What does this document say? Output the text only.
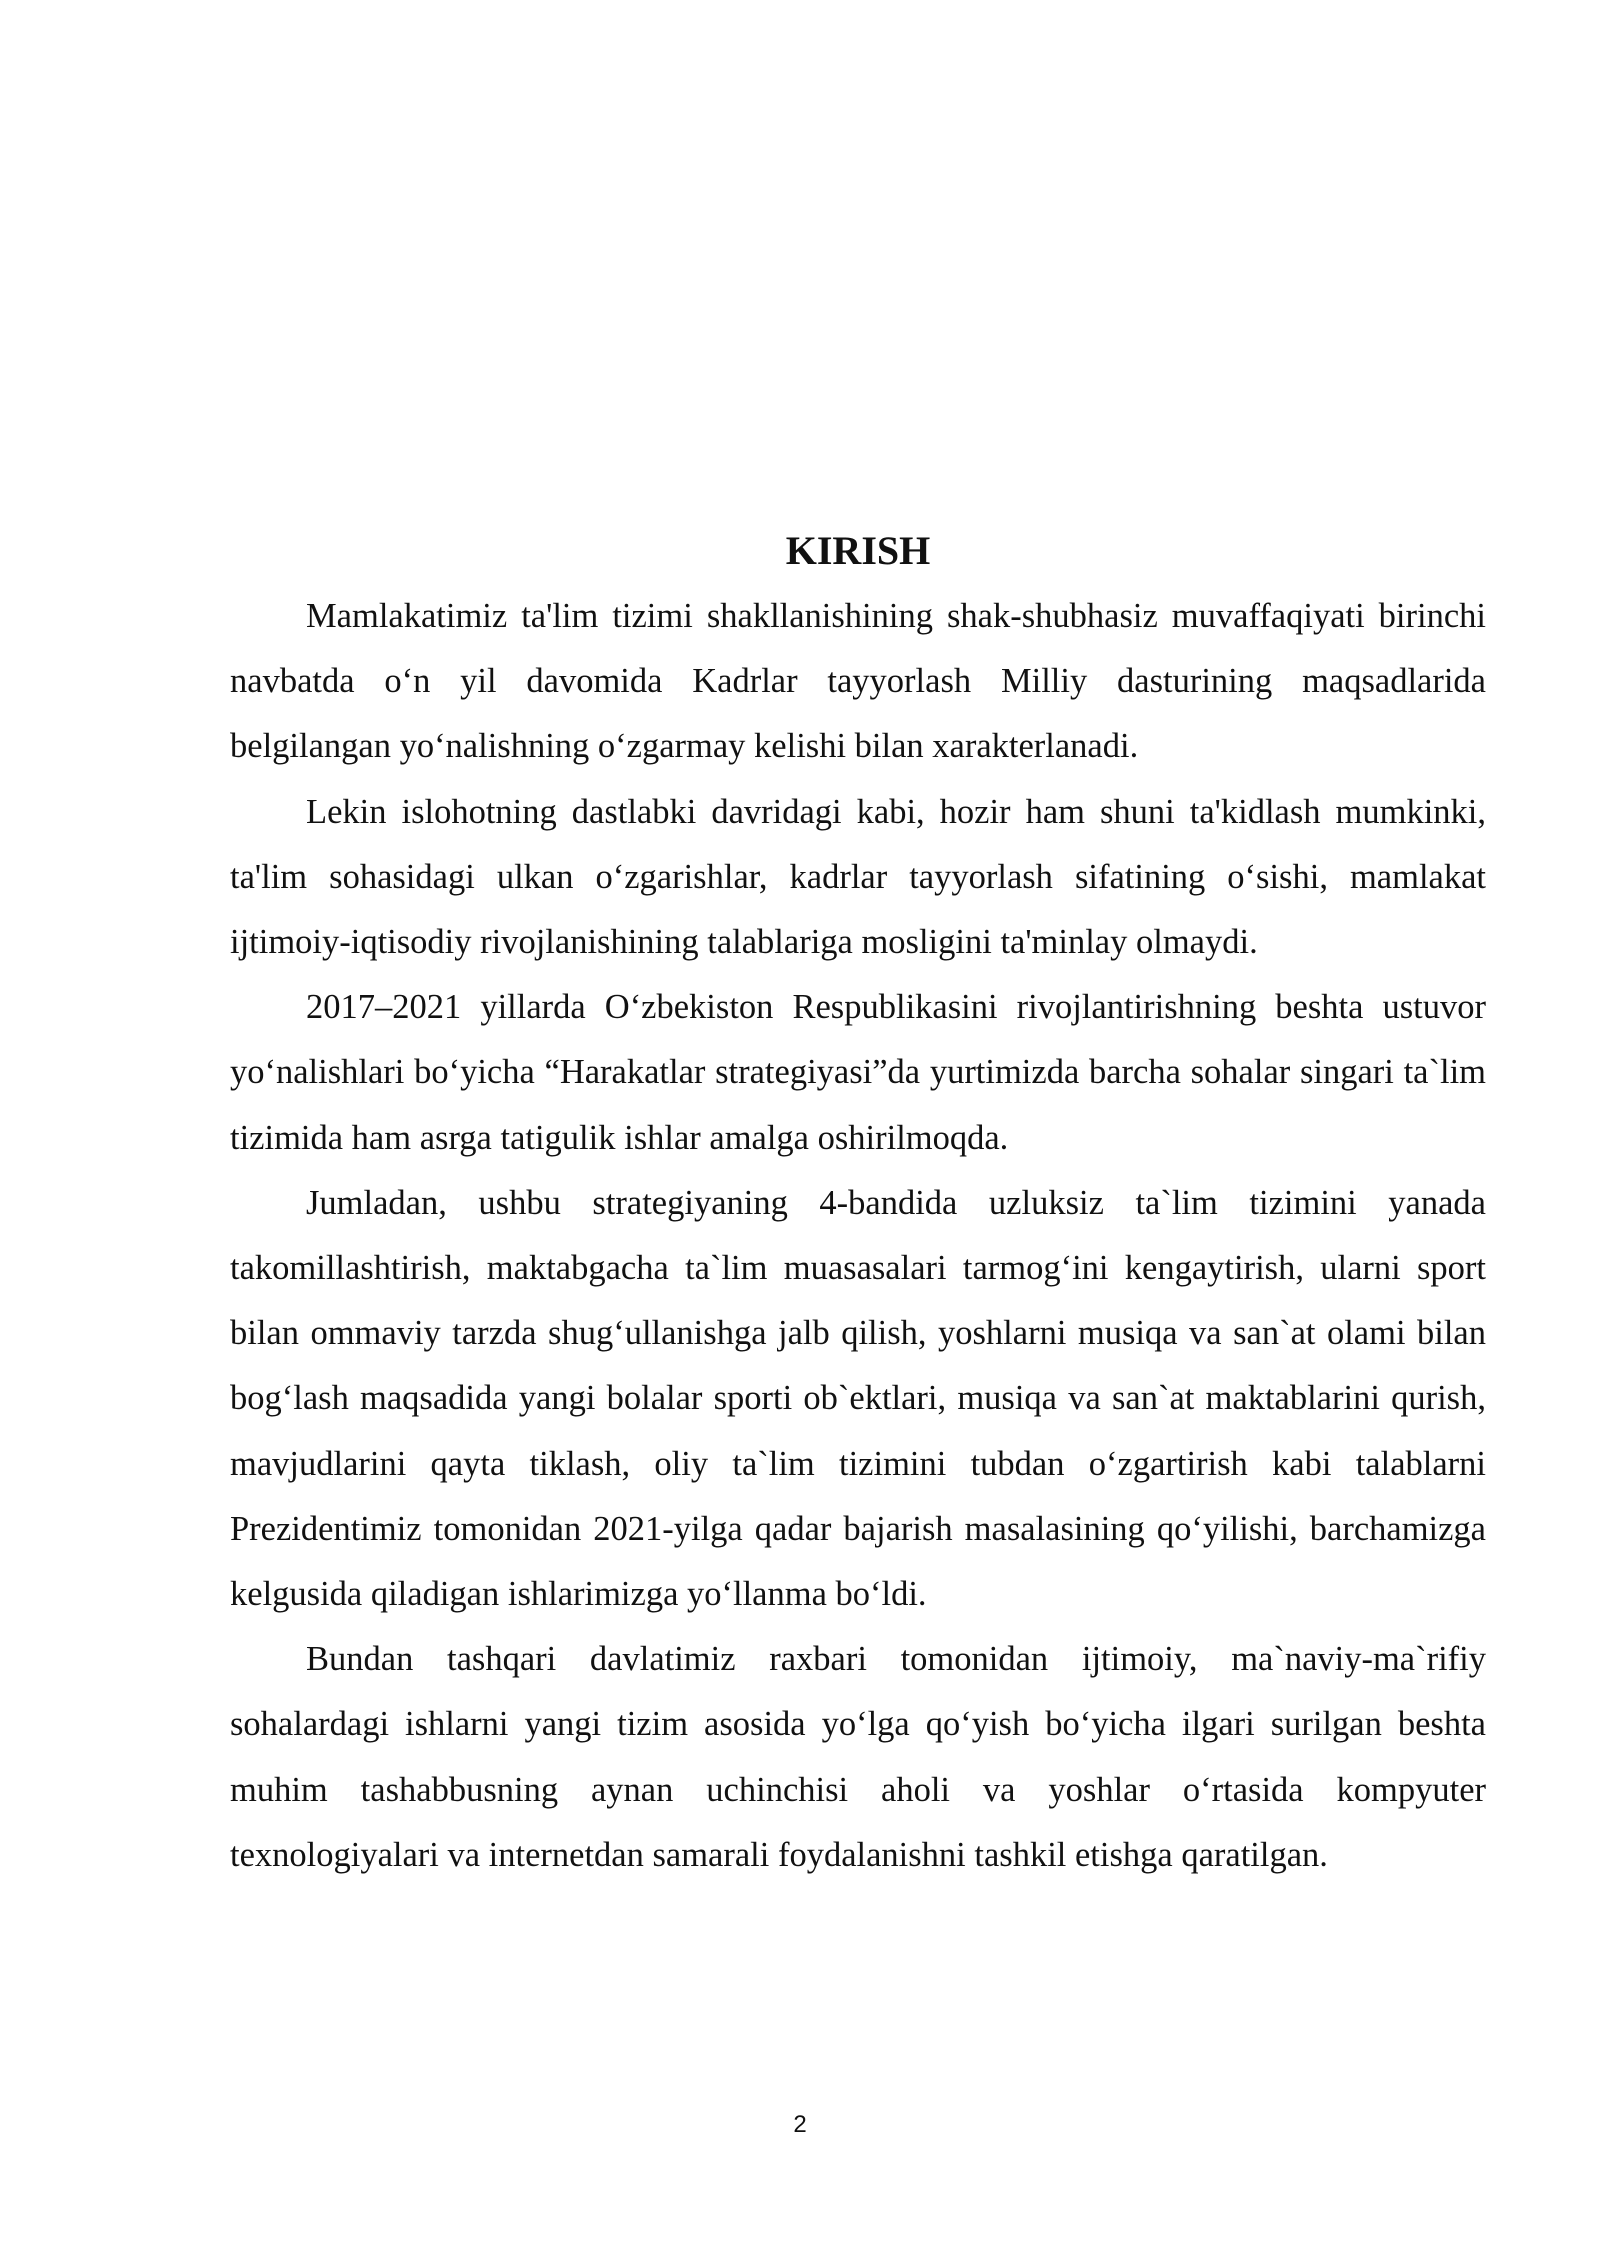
KIRISH

Mamlakatimiz ta'lim tizimi shakllanishining shak-shubhasiz muvaffaqiyati birinchi navbatda o‘n yil davomida Kadrlar tayyorlash Milliy dasturining maqsadlarida belgilangan yo‘nalishning o‘zgarmay kelishi bilan xarakterlanadi.

Lekin islohotning dastlabki davridagi kabi, hozir ham shuni ta'kidlash mumkinki, ta'lim sohasidagi ulkan o‘zgarishlar, kadrlar tayyorlash sifatining o‘sishi, mamlakat ijtimoiy-iqtisodiy rivojlanishining talablariga mosligini ta'minlay olmaydi.

2017–2021 yillarda O‘zbekiston Respublikasini rivojlantirishning beshta ustuvor yo‘nalishlari bo‘yicha “Harakatlar strategiyasi”da yurtimizda barcha sohalar singari ta`lim tizimida ham asrga tatigulik ishlar amalga oshirilmoqda.

Jumladan, ushbu strategiyaning 4-bandida uzluksiz ta`lim tizimini yanada takomillashtirish, maktabgacha ta`lim muasasalari tarmog‘ini kengaytirish, ularni sport bilan ommaviy tarzda shug‘ullanishga jalb qilish, yoshlarni musiqa va san`at olami bilan bog‘lash maqsadida yangi bolalar sporti ob`ektlari, musiqa va san`at maktablarini qurish, mavjudlarini qayta tiklash, oliy ta`lim tizimini tubdan o‘zgartirish kabi talablarni Prezidentimiz tomonidan 2021-yilga qadar bajarish masalasining qo‘yilishi, barchamizga kelgusida qiladigan ishlarimizga yo‘llanma bo‘ldi.

Bundan tashqari davlatimiz raxbari tomonidan ijtimoiy, ma`naviy-ma`rifiy sohalardagi ishlarni yangi tizim asosida yo‘lga qo‘yish bo‘yicha ilgari surilgan beshta muhim tashabbusning aynan uchinchisi aholi va yoshlar o‘rtasida kompyuter texnologiyalari va internetdan samarali foydalanishni tashkil etishga qaratilgan.

2
